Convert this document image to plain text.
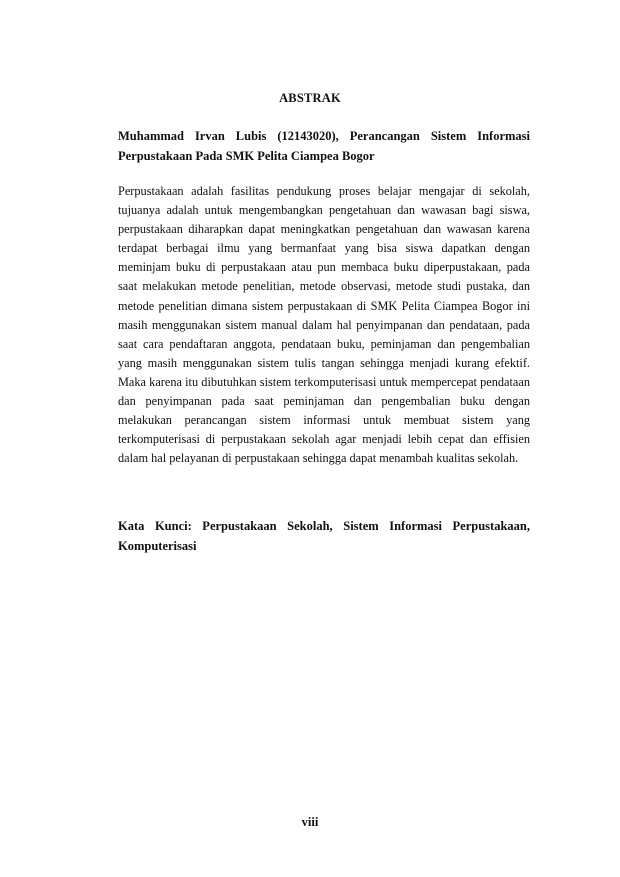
ABSTRAK
Muhammad Irvan Lubis (12143020), Perancangan Sistem Informasi Perpustakaan Pada SMK Pelita Ciampea Bogor
Perpustakaan adalah fasilitas pendukung proses belajar mengajar di sekolah, tujuanya adalah untuk mengembangkan pengetahuan dan wawasan bagi siswa, perpustakaan diharapkan dapat meningkatkan pengetahuan dan wawasan karena terdapat berbagai ilmu yang bermanfaat yang bisa siswa dapatkan dengan meminjam buku di perpustakaan atau pun membaca buku diperpustakaan, pada saat melakukan metode penelitian, metode observasi, metode studi pustaka, dan metode penelitian dimana sistem perpustakaan di SMK Pelita Ciampea Bogor ini masih menggunakan sistem manual dalam hal penyimpanan dan pendataan, pada saat cara pendaftaran anggota, pendataan buku, peminjaman dan pengembalian yang masih menggunakan sistem tulis tangan sehingga menjadi kurang efektif. Maka karena itu dibutuhkan sistem terkomputerisasi untuk mempercepat pendataan dan penyimpanan pada saat peminjaman dan pengembalian buku dengan melakukan perancangan sistem informasi untuk membuat sistem yang terkomputerisasi di perpustakaan sekolah agar menjadi lebih cepat dan effisien dalam hal pelayanan di perpustakaan sehingga dapat menambah kualitas sekolah.
Kata Kunci: Perpustakaan Sekolah, Sistem Informasi Perpustakaan, Komputerisasi
viii
